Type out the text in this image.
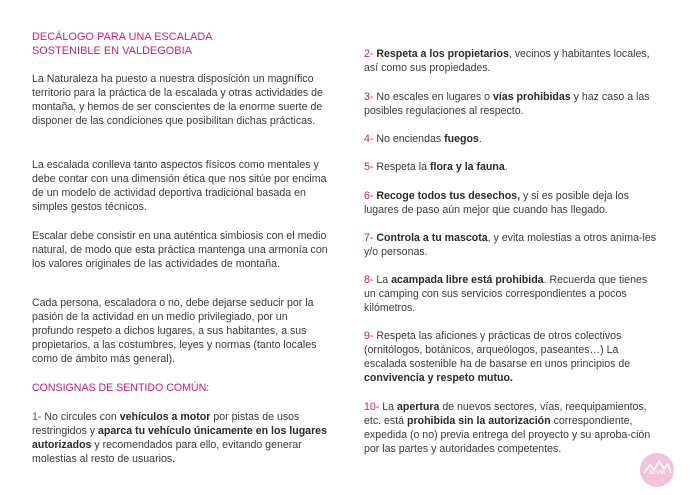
DECÁLOGO PARA UNA ESCALADA SOSTENIBLE EN VALDEGOBIA
La Naturaleza ha puesto a nuestra disposición un magnífico territorio para la práctica de la escalada y otras actividades de montaña, y hemos de ser conscientes de la enorme suerte de disponer de las condiciones que posibilitan dichas prácticas.
La escalada conlleva tanto aspectos físicos como mentales y debe contar con una dimensión ética que nos sitúe por encima de un modelo de actividad deportiva tradicional basada en simples gestos técnicos.
Escalar debe consistir en una auténtica simbiosis con el medio natural, de modo que esta práctica mantenga una armonía con los valores originales de las actividades de montaña.
Cada persona, escaladora o no, debe dejarse seducir por la pasión de la actividad en un medio privilegiado, por un profundo respeto a dichos lugares, a sus habitantes, a sus propietarios, a las costumbres, leyes y normas (tanto locales como de ámbito más general).
CONSIGNAS DE SENTIDO COMÚN:
1- No circules con vehículos a motor por pistas de usos restringidos y aparca tu vehículo únicamente en los lugares autorizados y recomendados para ello, evitando generar molestias al resto de usuarios.
2- Respeta a los propietarios, vecinos y habitantes locales, así como sus propiedades.
3- No escales en lugares o vías prohibidas y haz caso a las posibles regulaciones al respecto.
4- No enciendas fuegos.
5- Respeta la flora y la fauna.
6- Recoge todos tus desechos, y si es posible deja los lugares de paso aún mejor que cuando has llegado.
7- Controla a tu mascota, y evita molestias a otros anima-les y/o personas.
8- La acampada libre está prohibida. Recuerda que tienes un camping con sus servicios correspondientes a pocos kilómetros.
9- Respeta las aficiones y prácticas de otros colectivos (ornitólogos, botánicos, arqueólogos, paseantes…) La escalada sostenible ha de basarse en unos principios de convivencia y respeto mutuo.
10- La apertura de nuevos sectores, vías, reequipamientos, etc. está prohibida sin la autorización correspondiente, expedida (o no) previa entrega del proyecto y su aproba-ción por las partes y autoridades competentes.
ALVM
